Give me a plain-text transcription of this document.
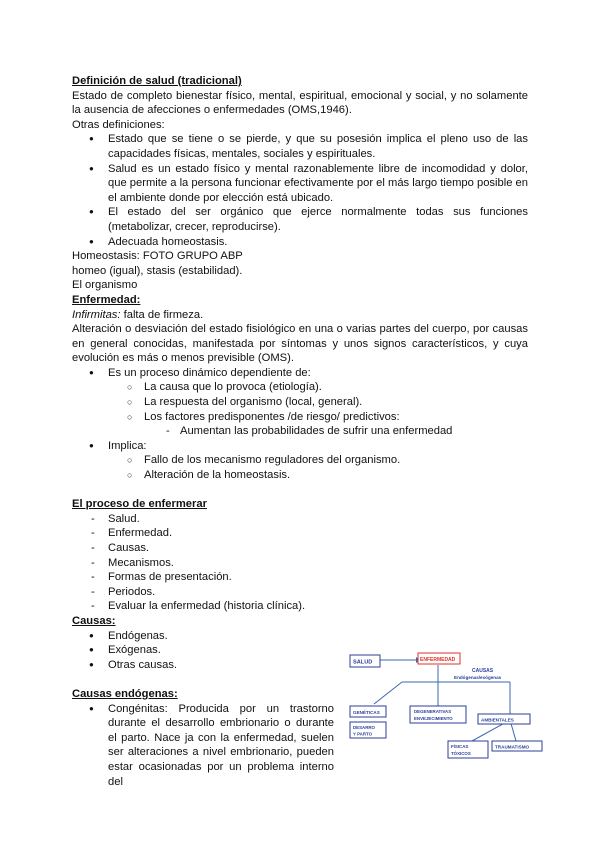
Definición de salud (tradicional)
Estado de completo bienestar físico, mental, espiritual, emocional y social, y no solamente la ausencia de afecciones o enfermedades (OMS,1946).
Otras definiciones:
● Estado que se tiene o se pierde, y que su posesión implica el pleno uso de las capacidades físicas, mentales, sociales y espirituales.
● Salud es un estado físico y mental razonablemente libre de incomodidad y dolor, que permite a la persona funcionar efectivamente por el más largo tiempo posible en el ambiente donde por elección está ubicado.
● El estado del ser orgánico que ejerce normalmente todas sus funciones (metabolizar, crecer, reproducirse).
● Adecuada homeostasis.
Homeostasis: FOTO GRUPO ABP
homeo (igual), stasis (estabilidad).
El organismo
Enfermedad:
Infirmitas: falta de firmeza.
Alteración o desviación del estado fisiológico en una o varias partes del cuerpo, por causas en general conocidas, manifestada por síntomas y unos signos característicos, y cuya evolución es más o menos previsible (OMS).
● Es un proceso dinámico dependiente de:
○ La causa que lo provoca (etiología).
○ La respuesta del organismo (local, general).
○ Los factores predisponentes /de riesgo/ predictivos:
- Aumentan las probabilidades de sufrir una enfermedad
● Implica:
○ Fallo de los mecanismo reguladores del organismo.
○ Alteración de la homeostasis.
El proceso de enfermerar
- Salud.
- Enfermedad.
- Causas.
- Mecanismos.
- Formas de presentación.
- Periodos.
- Evaluar la enfermedad (historia clínica).
Causas:
● Endógenas.
● Exógenas.
● Otras causas.
Causas endógenas:
● Congénitas: Producida por un trastorno durante el desarrollo embrionario o durante el parto. Nace ja con la enfermedad, suelen ser alteraciones a nivel embrionario, pueden estar ocasionadas por un problema interno del
SALUD	ENFERMEDAD
CAUSAS
Endógenas/exógenas
GENÉTICAS
DESARRO
Y PARTO
DEGENERATIVAS
ENVEJECIMIENTO	AMBIENTALES
FÍSICAS
TÓXICOS
TRAUMATISMO
